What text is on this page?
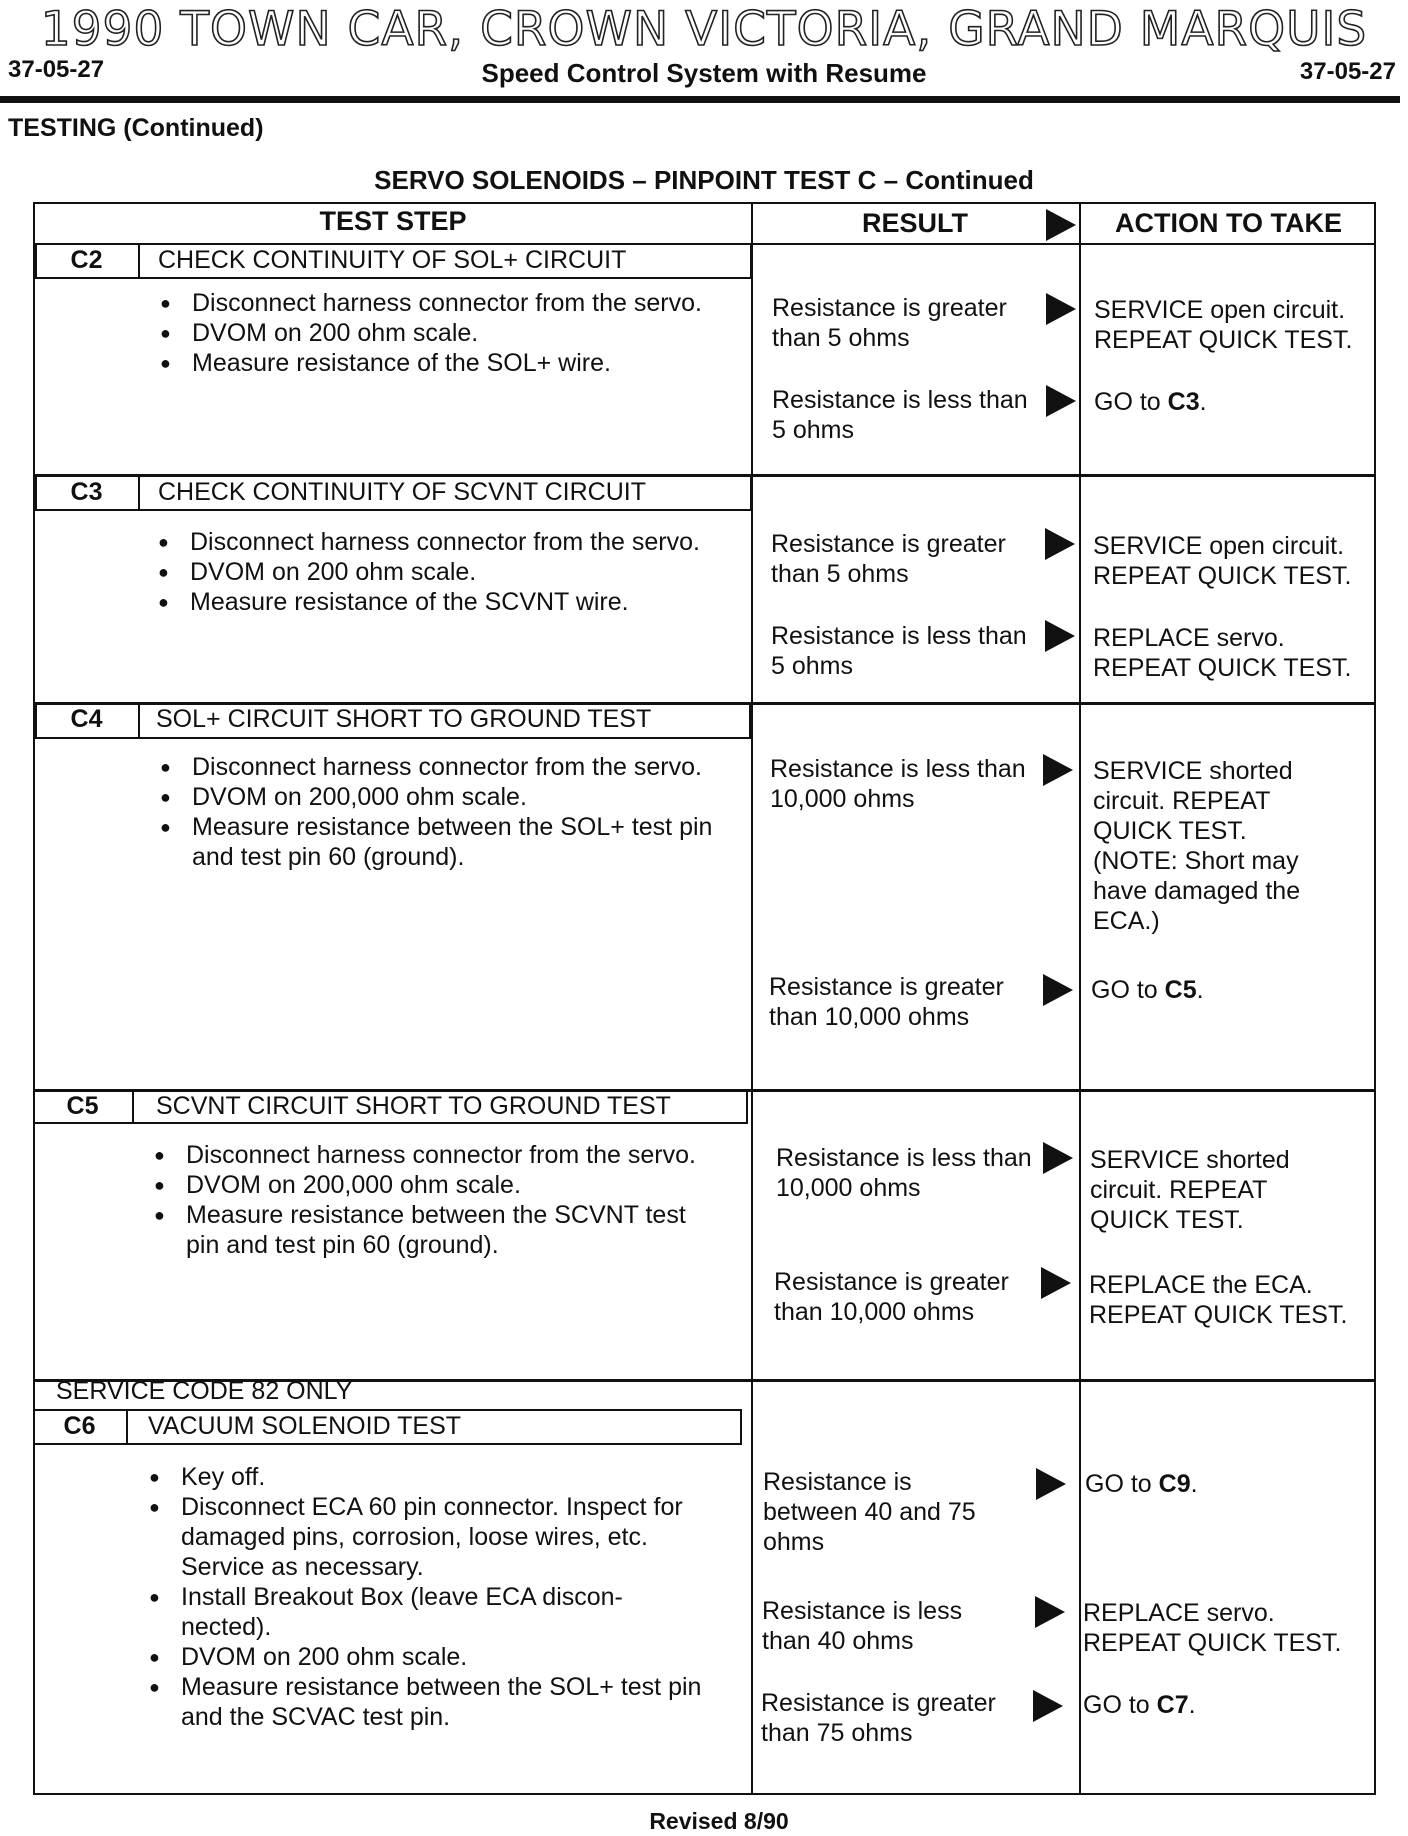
1990 TOWN CAR, CROWN VICTORIA, GRAND MARQUIS
37-05-27	Speed Control System with Resume	37-05-27
TESTING (Continued)
SERVO SOLENOIDS – PINPOINT TEST C – Continued
TEST STEP	RESULT	ACTION TO TAKE
C2	CHECK CONTINUITY OF SOL+ CIRCUIT
● Disconnect harness connector from the servo.
● DVOM on 200 ohm scale.
● Measure resistance of the SOL+ wire.
Resistance is greater than 5 ohms
SERVICE open circuit. REPEAT QUICK TEST.
Resistance is less than 5 ohms
GO to C3.
C3	CHECK CONTINUITY OF SCVNT CIRCUIT
● Disconnect harness connector from the servo.
● DVOM on 200 ohm scale.
● Measure resistance of the SCVNT wire.
Resistance is greater than 5 ohms
SERVICE open circuit. REPEAT QUICK TEST.
Resistance is less than 5 ohms
REPLACE servo. REPEAT QUICK TEST.
C4	SOL+ CIRCUIT SHORT TO GROUND TEST
● Disconnect harness connector from the servo.
● DVOM on 200,000 ohm scale.
● Measure resistance between the SOL+ test pin and test pin 60 (ground).
Resistance is less than 10,000 ohms
SERVICE shorted circuit. REPEAT QUICK TEST. (NOTE: Short may have damaged the ECA.)
Resistance is greater than 10,000 ohms
GO to C5.
C5	SCVNT CIRCUIT SHORT TO GROUND TEST
● Disconnect harness connector from the servo.
● DVOM on 200,000 ohm scale.
● Measure resistance between the SCVNT test pin and test pin 60 (ground).
Resistance is less than 10,000 ohms
SERVICE shorted circuit. REPEAT QUICK TEST.
Resistance is greater than 10,000 ohms
REPLACE the ECA. REPEAT QUICK TEST.
SERVICE CODE 82 ONLY
C6	VACUUM SOLENOID TEST
● Key off.
● Disconnect ECA 60 pin connector. Inspect for damaged pins, corrosion, loose wires, etc. Service as necessary.
● Install Breakout Box (leave ECA discon-nected).
● DVOM on 200 ohm scale.
● Measure resistance between the SOL+ test pin and the SCVAC test pin.
Resistance is between 40 and 75 ohms
GO to C9.
Resistance is less than 40 ohms
REPLACE servo. REPEAT QUICK TEST.
Resistance is greater than 75 ohms
GO to C7.
Revised 8/90
